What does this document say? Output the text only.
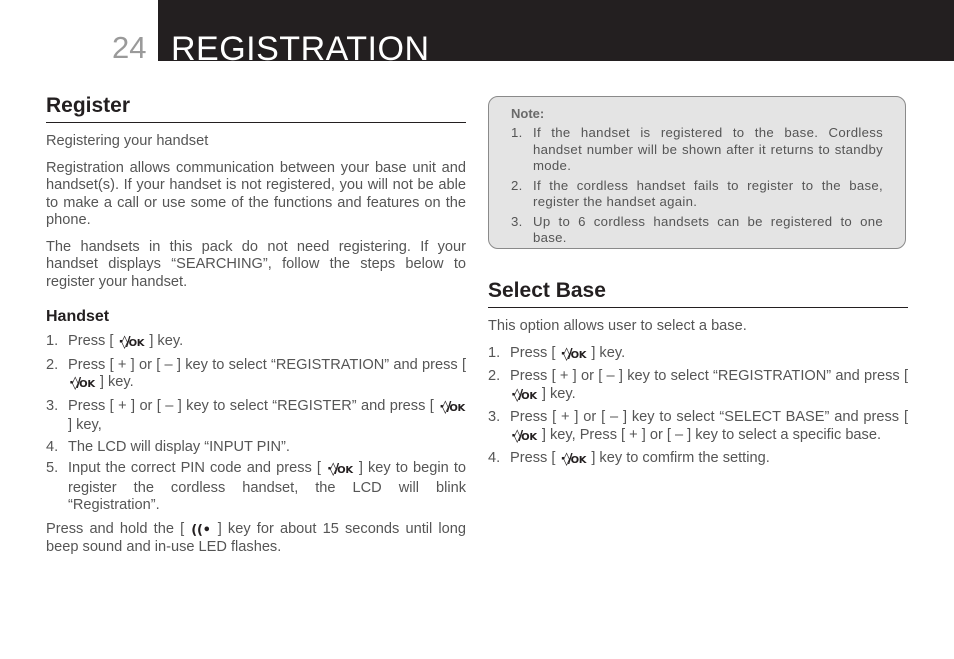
24 REGISTRATION
Register

Registering your handset

Registration allows communication between your base unit and handset(s). If your handset is not registered, you will not be able to make a call or use some of the functions and features on the phone.

The handsets in this pack do not need registering. If your handset displays “SEARCHING”, follow the steps below to register your handset.

Handset
1. Press [ ·◊/OK ] key.
2. Press [ + ] or [ – ] key to select “REGISTRATION” and press [ ·◊/OK ] key.
3. Press [ + ] or [ – ] key to select “REGISTER” and press [ ·◊/OK ] key,
4. The LCD will display “INPUT PIN”.
5. Input the correct PIN code and press [ ·◊/OK ] key to begin to register the cordless handset, the LCD will blink “Registration”.

Press and hold the [ ((• ] key for about 15 seconds until long beep sound and in-use LED flashes.

Note:

1. If the handset is registered to the base. Cordless handset number will be shown after it returns to standby mode.
2. If the cordless handset fails to register to the base, register the handset again.
3. Up to 6 cordless handsets can be registered to one base.
Select Base

This option allows user to select a base.

1. Press [ ·◊/OK ] key.
2. Press [ + ] or [ – ] key to select “REGISTRATION” and press [ ·◊/OK ] key.
3. Press [ + ] or [ – ] key to select “SELECT BASE” and press [ ·◊/OK ] key, Press [ + ] or [ – ] key to select a specific base.
4. Press [ ·◊/OK ] key to comfirm the setting.
